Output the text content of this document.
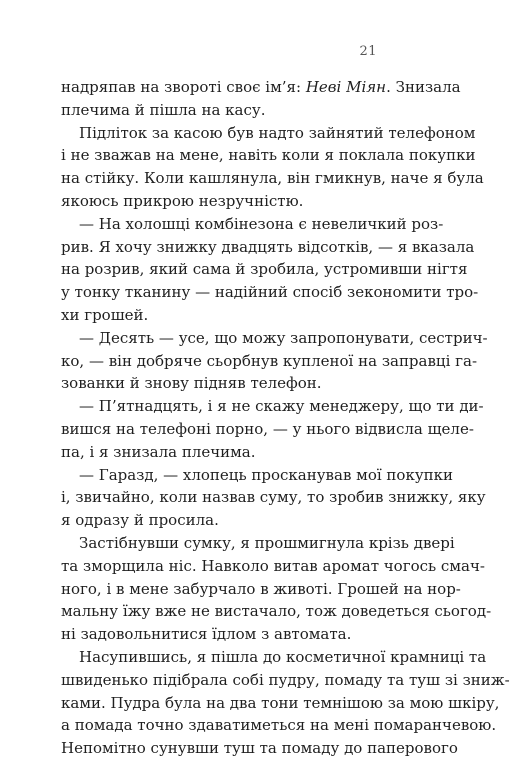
21
надряпав на звороті своє ім’я: Неві Міян. Знизала
плечима й пішла на касу.
Підліток за касою був надто зайнятий телефоном
і не зважав на мене, навіть коли я поклала покупки
на стійку. Коли кашлянула, він гмикнув, наче я була
якоюсь прикрою незручністю.
— На холошці комбінезона є невеличкий роз-
рив. Я хочу знижку двадцять відсотків, — я вказала
на розрив, який сама й зробила, устромивши нігтя
у тонку тканину — надійний спосіб зекономити тро-
хи грошей.
— Десять — усе, що можу запропонувати, сестрич-
ко, — він добряче сьорбнув купленої на заправці га-
зованки й знову підняв телефон.
— П’ятнадцять, і я не скажу менеджеру, що ти ди-
вишся на телефоні порно, — у нього відвисла щеле-
па, і я знизала плечима.
— Гаразд, — хлопець просканував мої покупки
і, звичайно, коли назвав суму, то зробив знижку, яку
я одразу й просила.
Застібнувши сумку, я прошмигнула крізь двері
та зморщила ніс. Навколо витав аромат чогось смач-
ного, і в мене забурчало в животі. Грошей на нор-
мальну їжу вже не вистачало, тож доведеться сьогод-
ні задовольнитися їдлом з автомата.
Насупившись, я пішла до косметичної крамниці та
швиденько підібрала собі пудру, помаду та туш зі зниж-
ками. Пудра була на два тони темнішою за мою шкіру,
а помада точно здаватиметься на мені помаранчевою.
Непомітно сунувши туш та помаду до паперового
